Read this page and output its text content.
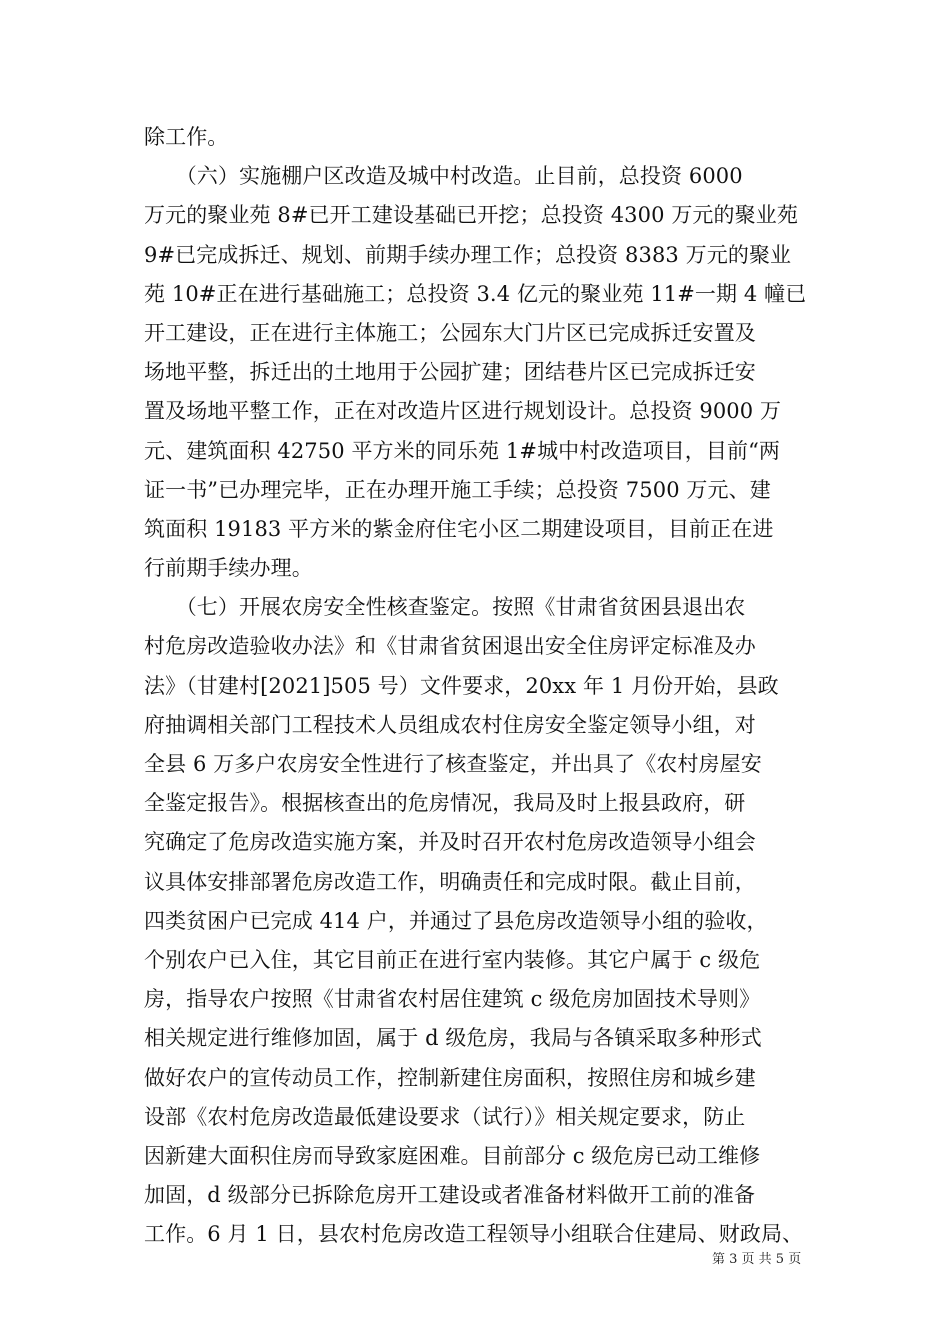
除工作。
　　（六）实施棚户区改造及城中村改造。止目前，总投资 6000
万元的聚业苑 8#已开工建设基础已开挖；总投资 4300 万元的聚业苑
9#已完成拆迁、规划、前期手续办理工作；总投资 8383 万元的聚业
苑 10#正在进行基础施工；总投资 3.4 亿元的聚业苑 11#一期 4 幢已
开工建设，正在进行主体施工；公园东大门片区已完成拆迁安置及
场地平整，拆迁出的土地用于公园扩建；团结巷片区已完成拆迁安
置及场地平整工作，正在对改造片区进行规划设计。总投资 9000 万
元、建筑面积 42750 平方米的同乐苑 1#城中村改造项目，目前“两
证一书”已办理完毕，正在办理开施工手续；总投资 7500 万元、建
筑面积 19183 平方米的紫金府住宅小区二期建设项目，目前正在进
行前期手续办理。
　　（七）开展农房安全性核查鉴定。按照《甘肃省贫困县退出农
村危房改造验收办法》和《甘肃省贫困退出安全住房评定标准及办
法》（甘建村[2021]505 号）文件要求，20xx 年 1 月份开始，县政
府抽调相关部门工程技术人员组成农村住房安全鉴定领导小组，对
全县 6 万多户农房安全性进行了核查鉴定，并出具了《农村房屋安
全鉴定报告》。根据核查出的危房情况，我局及时上报县政府，研
究确定了危房改造实施方案，并及时召开农村危房改造领导小组会
议具体安排部署危房改造工作，明确责任和完成时限。截止目前，
四类贫困户已完成 414 户，并通过了县危房改造领导小组的验收，
个别农户已入住，其它目前正在进行室内装修。其它户属于 c 级危
房，指导农户按照《甘肃省农村居住建筑 c 级危房加固技术导则》
相关规定进行维修加固，属于 d 级危房，我局与各镇采取多种形式
做好农户的宣传动员工作，控制新建住房面积，按照住房和城乡建
设部《农村危房改造最低建设要求（试行）》相关规定要求，防止
因新建大面积住房而导致家庭困难。目前部分 c 级危房已动工维修
加固，d 级部分已拆除危房开工建设或者准备材料做开工前的准备
工作。6 月 1 日，县农村危房改造工程领导小组联合住建局、财政局、
第 3 页 共 5 页
